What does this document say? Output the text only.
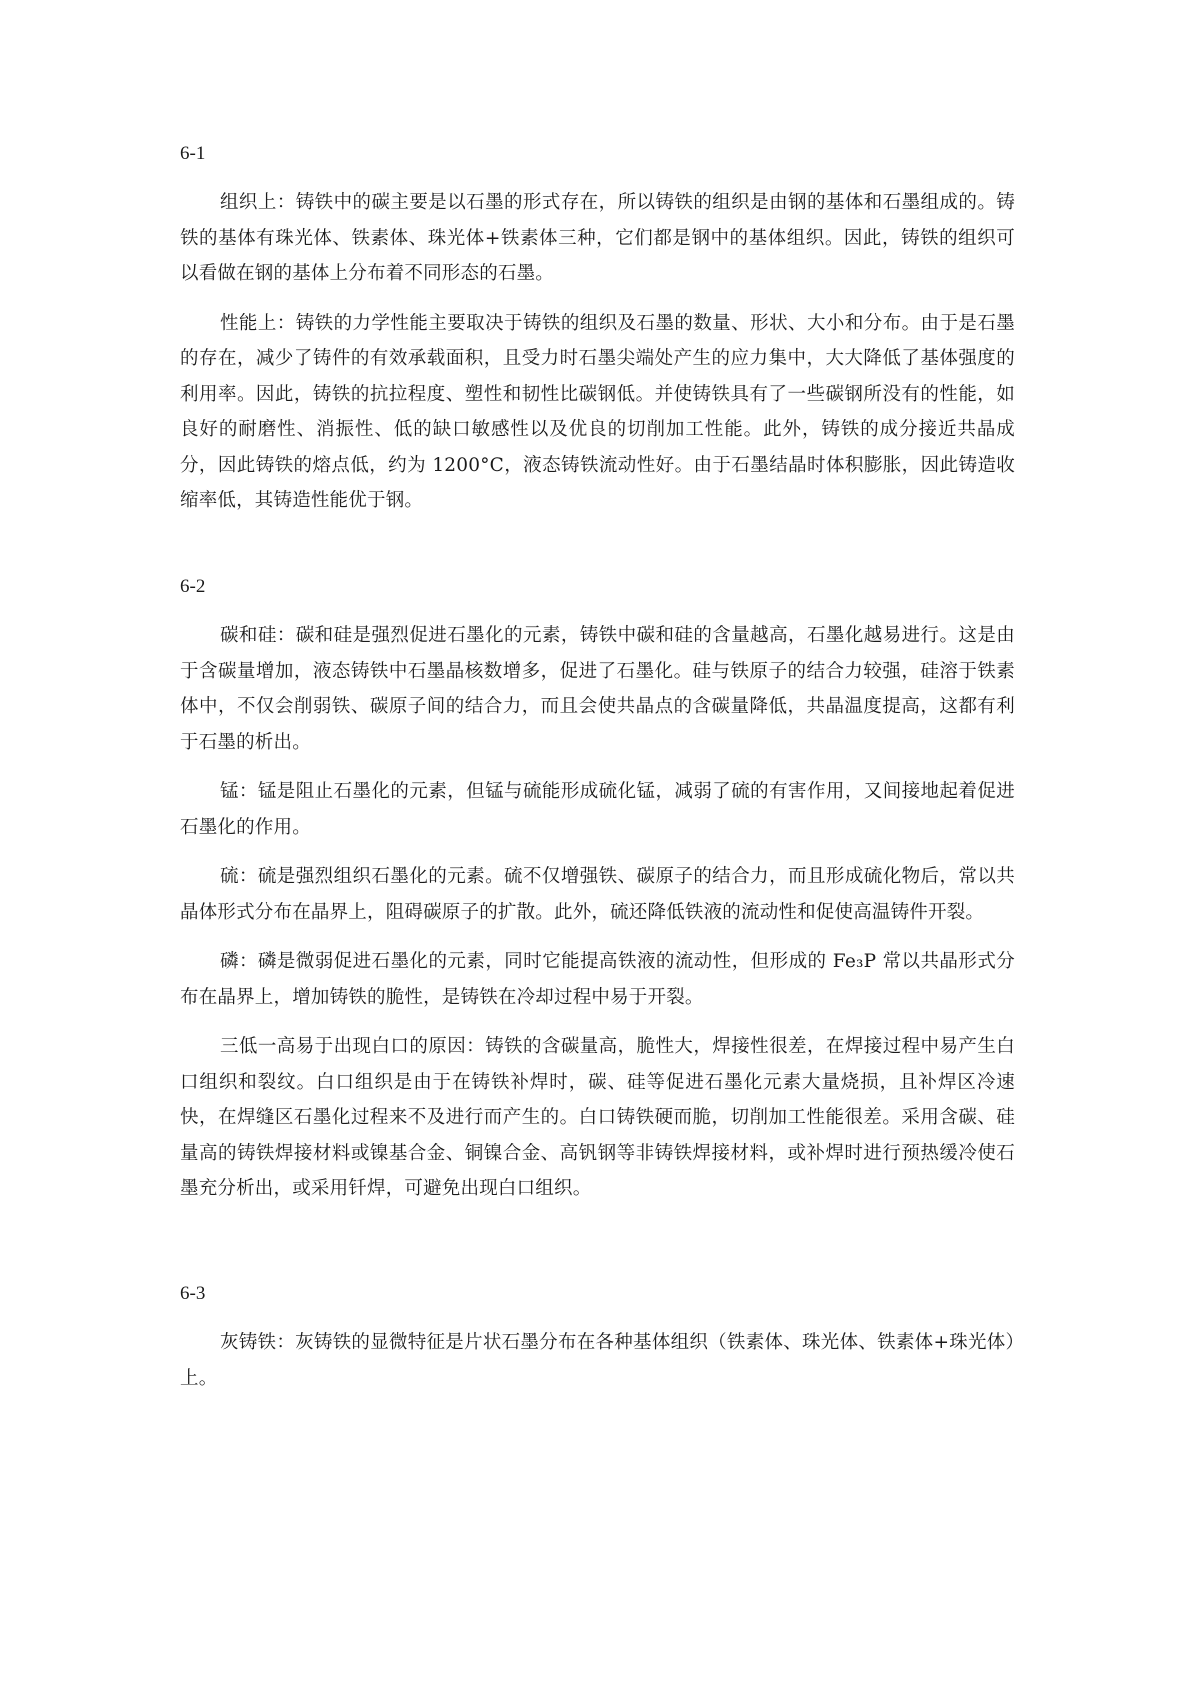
6-1

组织上：铸铁中的碳主要是以石墨的形式存在，所以铸铁的组织是由钢的基体和石墨组成的。铸铁的基体有珠光体、铁素体、珠光体+铁素体三种，它们都是钢中的基体组织。因此，铸铁的组织可以看做在钢的基体上分布着不同形态的石墨。

性能上：铸铁的力学性能主要取决于铸铁的组织及石墨的数量、形状、大小和分布。由于是石墨的存在，减少了铸件的有效承载面积，且受力时石墨尖端处产生的应力集中，大大降低了基体强度的利用率。因此，铸铁的抗拉程度、塑性和韧性比碳钢低。并使铸铁具有了一些碳钢所没有的性能，如良好的耐磨性、消振性、低的缺口敏感性以及优良的切削加工性能。此外，铸铁的成分接近共晶成分，因此铸铁的熔点低，约为 1200°C，液态铸铁流动性好。由于石墨结晶时体积膨胀，因此铸造收缩率低，其铸造性能优于钢。

6-2

碳和硅：碳和硅是强烈促进石墨化的元素，铸铁中碳和硅的含量越高，石墨化越易进行。这是由于含碳量增加，液态铸铁中石墨晶核数增多，促进了石墨化。硅与铁原子的结合力较强，硅溶于铁素体中，不仅会削弱铁、碳原子间的结合力，而且会使共晶点的含碳量降低，共晶温度提高，这都有利于石墨的析出。

锰：锰是阻止石墨化的元素，但锰与硫能形成硫化锰，减弱了硫的有害作用，又间接地起着促进石墨化的作用。

硫：硫是强烈组织石墨化的元素。硫不仅增强铁、碳原子的结合力，而且形成硫化物后，常以共晶体形式分布在晶界上，阻碍碳原子的扩散。此外，硫还降低铁液的流动性和促使高温铸件开裂。

磷：磷是微弱促进石墨化的元素，同时它能提高铁液的流动性，但形成的 Fe₃P 常以共晶形式分布在晶界上，增加铸铁的脆性，是铸铁在冷却过程中易于开裂。

三低一高易于出现白口的原因：铸铁的含碳量高，脆性大，焊接性很差，在焊接过程中易产生白口组织和裂纹。白口组织是由于在铸铁补焊时，碳、硅等促进石墨化元素大量烧损，且补焊区冷速快，在焊缝区石墨化过程来不及进行而产生的。白口铸铁硬而脆，切削加工性能很差。采用含碳、硅量高的铸铁焊接材料或镍基合金、铜镍合金、高钒钢等非铸铁焊接材料，或补焊时进行预热缓冷使石墨充分析出，或采用钎焊，可避免出现白口组织。

6-3

灰铸铁：灰铸铁的显微特征是片状石墨分布在各种基体组织（铁素体、珠光体、铁素体+珠光体）上。
